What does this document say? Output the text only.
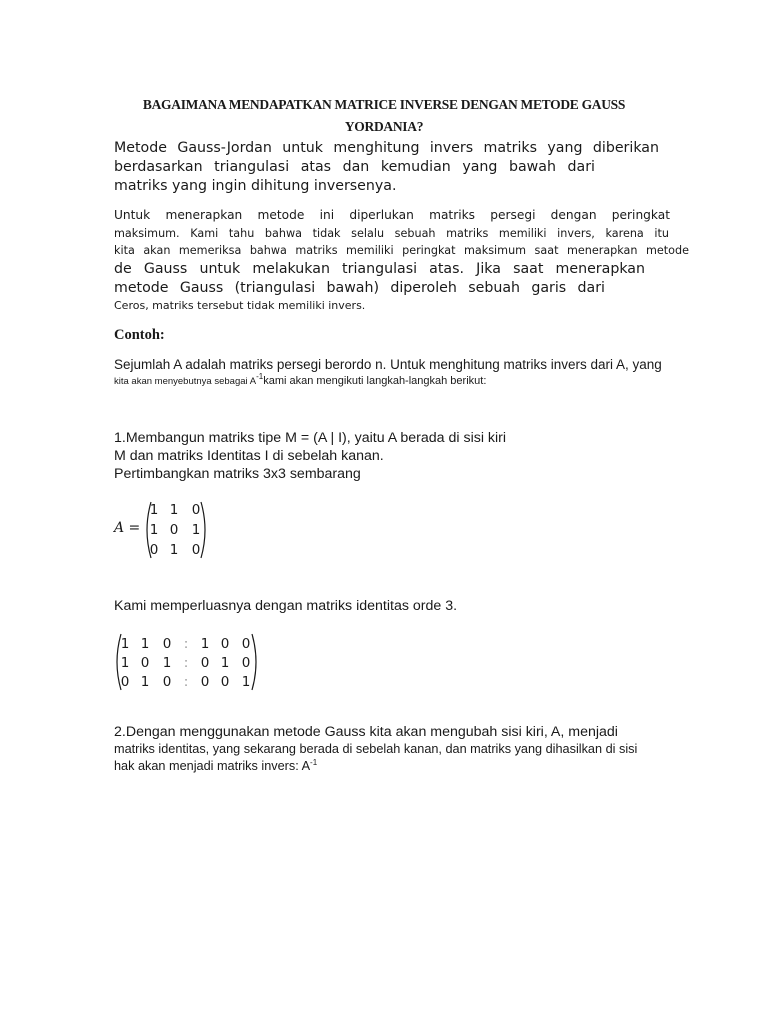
BAGAIMANA MENDAPATKAN MATRICE INVERSE DENGAN METODE GAUSS
YORDANIA?
Metode Gauss-Jordan untuk menghitung invers matriks yang diberikan
berdasarkan triangulasi atas dan kemudian yang bawah dari
matriks yang ingin dihitung inversenya.
Untuk menerapkan metode ini diperlukan matriks persegi dengan peringkat
maksimum. Kami tahu bahwa tidak selalu sebuah matriks memiliki invers, karena itu
kita akan memeriksa bahwa matriks memiliki peringkat maksimum saat menerapkan metode
de Gauss untuk melakukan triangulasi atas. Jika saat menerapkan
metode Gauss (triangulasi bawah) diperoleh sebuah garis dari
Ceros, matriks tersebut tidak memiliki invers.
Contoh:
Sejumlah A adalah matriks persegi berordo n. Untuk menghitung matriks invers dari A, yang
kita akan menyebutnya sebagai $A^{-1}kami$ akan mengikuti langkah-langkah berikut:
1.Membangun matriks tipe M = (A | I), yaitu A berada di sisi kiri
M dan matriks Identitas I di sebelah kanan.
Pertimbangkan matriks 3x3 sembarang
A =
1 1 0
1 0 1
0 1 0
Kami memperluasnya dengan matriks identitas orde 3.
1 1 0 : 1 0 0
1 0 1 : 0 1 0
0 1 0 : 0 0 1
2.Dengan menggunakan metode Gauss kita akan mengubah sisi kiri, A, menjadi
matriks identitas, yang sekarang berada di sebelah kanan, dan matriks yang dihasilkan di sisi
hak akan menjadi matriks invers: $A^{-1}$
